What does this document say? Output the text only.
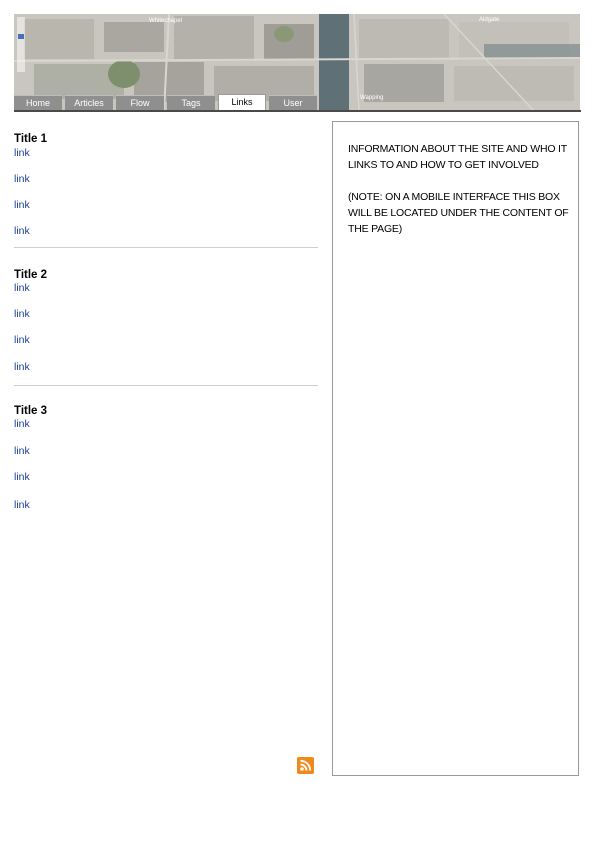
Whitechapel	Aldgate
Wapping
Home	Articles	Flow	Tags	Links	User
Title 1
link
link
link
link
Title 2
link
link
link
link
Title 3
link
link
link
link

INFORMATION ABOUT THE SITE AND WHO IT LINKS TO AND HOW TO GET INVOLVED

(NOTE: ON A MOBILE INTERFACE THIS BOX WILL BE LOCATED UNDER THE CONTENT OF THE PAGE)
